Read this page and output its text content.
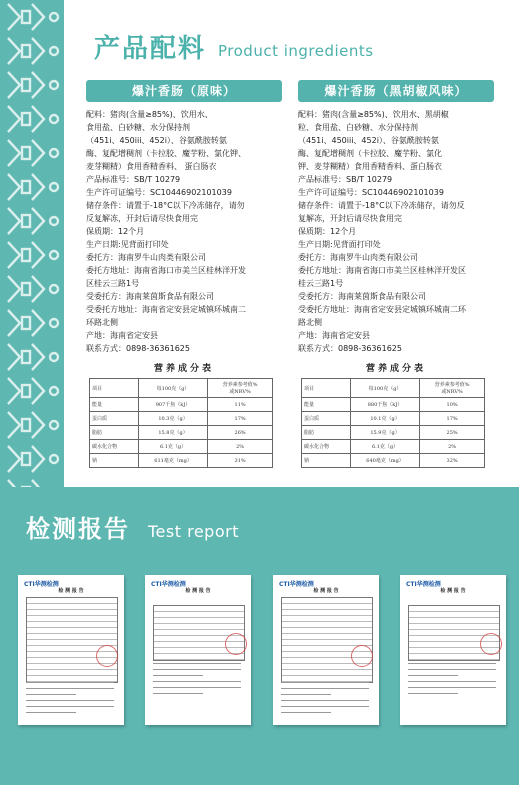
产品配料 Product ingredients
爆汁香肠（原味）
配料：猪肉(含量≥85%)、饮用水、
食用盐、白砂糖、水分保持剂
（451i、450iii、452i）、谷氨酰胺转氨
酶、复配增稠剂（卡拉胶、魔芋粉、氯化钾、
麦芽糊精）食用香精香料、 蛋白肠衣
产品标准号：SB/T 10279
生产许可证编号：SC10446902101039
储存条件：请置于-18°C以下冷冻储存，请勿
反复解冻，开封后请尽快食用完
保质期：12个月
生产日期:见背面打印处
委托方：海南罗牛山肉类有限公司
委托方地址：海南省海口市美兰区桂林洋开发
区桂云三路1号
受委托方：海南莱茵斯食品有限公司
受委托方地址：海南省定安县定城镇环城南二
环路北侧
产地：海南省定安县
联系方式：0898-36361625
营养成分表
项目	每100克（g）	营养素参考值%
或NRV%
能量	907千焦（kJ）	11%
蛋白质	10.3克（g）	17%
脂肪	15.8克（g）	26%
碳水化合物	6.1克（g）	2%
钠	611毫克（mg）	31%
爆汁香肠（黑胡椒风味）
配料：猪肉(含量≥85%)、饮用水、黑胡椒
粒、食用盐、白砂糖、水分保持剂
（451i、450iii、452i）、谷氨酰胺转氨
酶、复配增稠剂（卡拉胶、魔芋粉、氯化
钾、麦芽糊精）食用香精香料、蛋白肠衣
产品标准号：SB/T 10279
生产许可证编号：SC10446902101039
储存条件：请置于-18°C以下冷冻储存，请勿反
复解冻，开封后请尽快食用完
保质期：12个月
生产日期:见背面打印处
委托方：海南罗牛山肉类有限公司
委托方地址：海南省海口市美兰区桂林洋开发区
桂云三路1号
受委托方：海南莱茵斯食品有限公司
受委托方地址：海南省定安县定城镇环城南二环
路北侧
产地：海南省定安县
联系方式：0898-36361625
营养成分表
项目	每100克（g）	营养素参考值%
或NRV%
能量	880千焦（kJ）	10%
蛋白质	10.1克（g）	17%
脂肪	15.9克（g）	25%
碳水化合物	6.1克（g）	2%
钠	640毫克（mg）	32%
检测报告 Test report
CTI华测检测
检 测 报 告
CTI华测检测
检 测 报 告
CTI华测检测
检 测 报 告
CTI华测检测
检 测 报 告
